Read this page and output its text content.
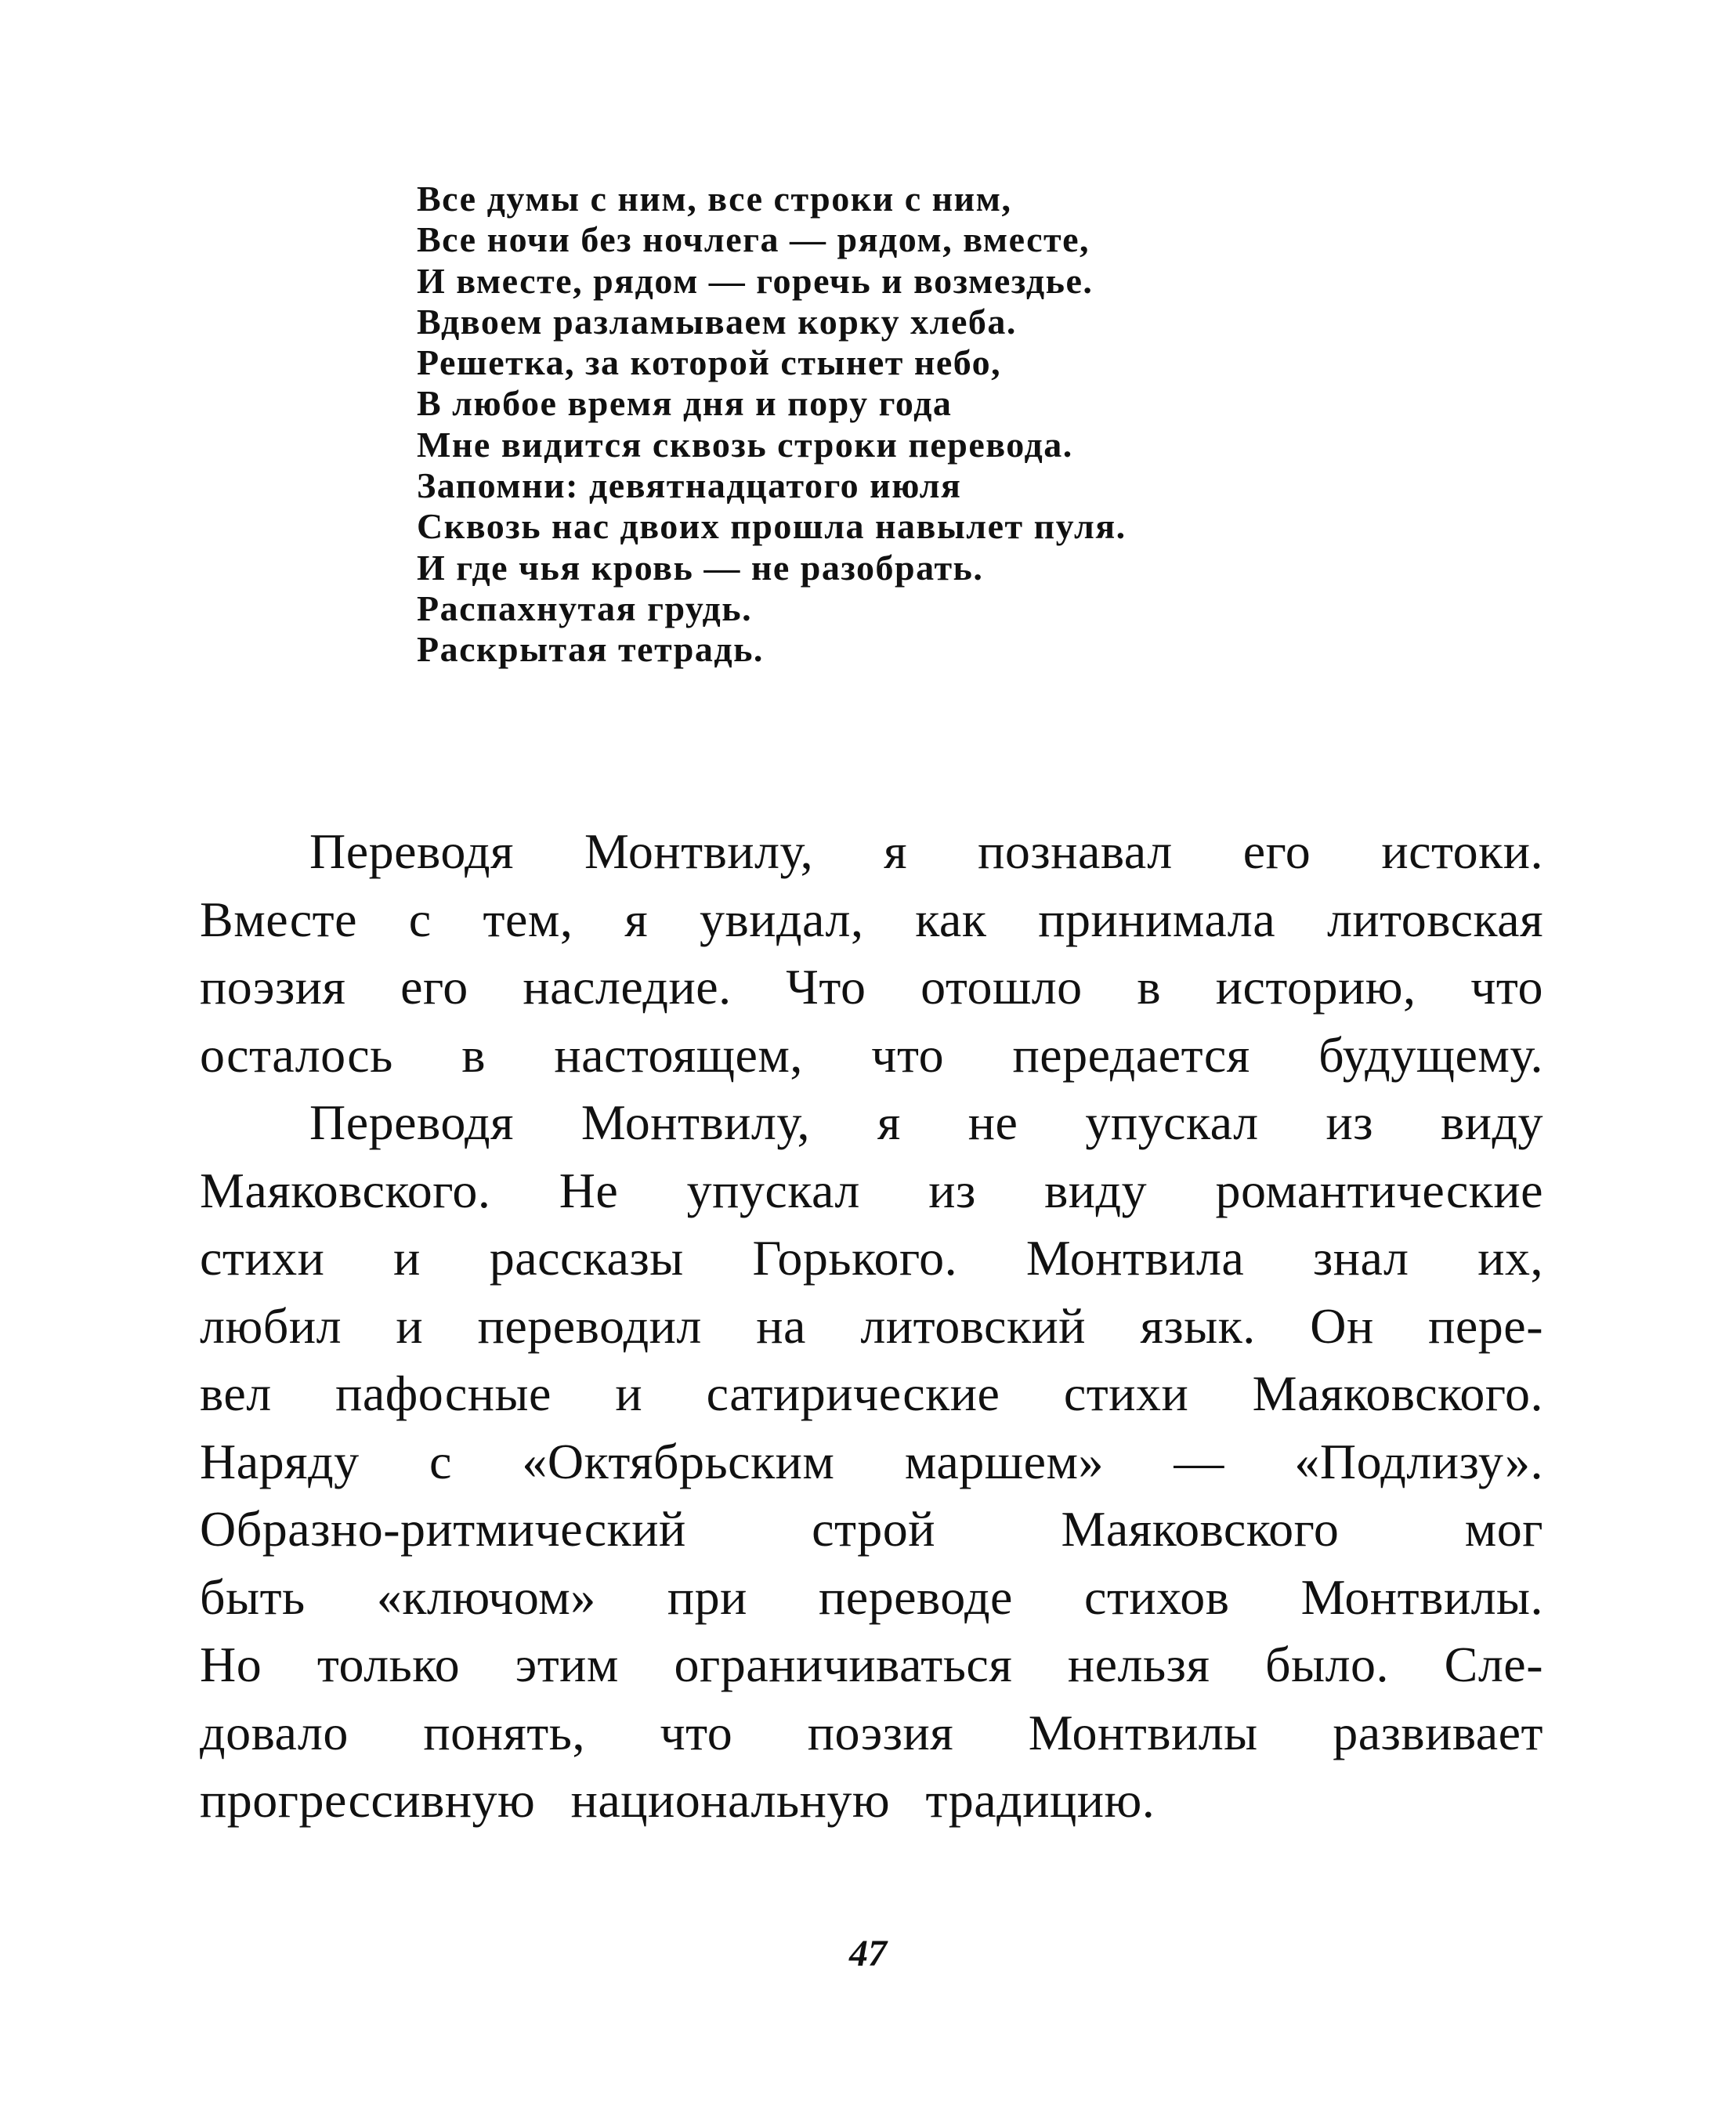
Все думы с ним, все строки с ним,
Все ночи без ночлега — рядом, вместе,
И вместе, рядом — горечь и возмездье.
Вдвоем разламываем корку хлеба.
Решетка, за которой стынет небо,
В любое время дня и пору года
Мне видится сквозь строки перевода.
Запомни: девятнадцатого июля
Сквозь нас двоих прошла навылет пуля.
И где чья кровь — не разобрать.
Распахнутая грудь.
Раскрытая тетрадь.
Переводя Монтвилу, я познавал его истоки.
Вместе с тем, я увидал, как принимала литовская
поэзия его наследие. Что отошло в историю, что
осталось в настоящем, что передается будущему.
Переводя Монтвилу, я не упускал из виду
Маяковского. Не упускал из виду романтические
стихи и рассказы Горького. Монтвила знал их,
любил и переводил на литовский язык. Он пере-
вел пафосные и сатирические стихи Маяковского.
Наряду с «Октябрьским маршем» — «Подлизу».
Образно-ритмический строй Маяковского мог
быть «ключом» при переводе стихов Монтвилы.
Но только этим ограничиваться нельзя было. Сле-
довало понять, что поэзия Монтвилы развивает
прогрессивную национальную традицию.
47
